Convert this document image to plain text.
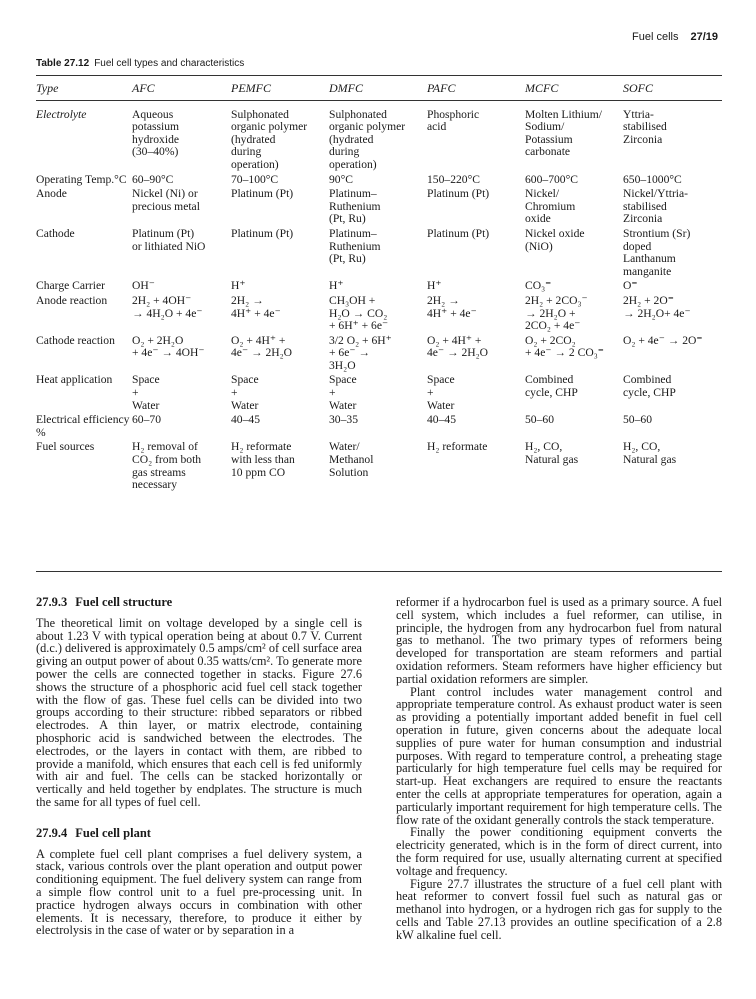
Fuel cells 27/19
Table 27.12 Fuel cell types and characteristics
Type	AFC	PEMFC	DMFC	PAFC	MCFC	SOFC
Electrolyte	Aqueous
potassium
hydroxide
(30–40%)	Sulphonated
organic polymer
(hydrated
during
operation)	Sulphonated
organic polymer
(hydrated
during
operation)	Phosphoric
acid	Molten Lithium/
Sodium/
Potassium
carbonate	Yttria-
stabilised
Zirconia
Operating Temp.°C	60–90°C	70–100°C	90°C	150–220°C	600–700°C	650–1000°C
Anode	Nickel (Ni) or
precious metal	Platinum (Pt)	Platinum–
Ruthenium
(Pt, Ru)	Platinum (Pt)	Nickel/
Chromium
oxide	Nickel/Yttria-
stabilised
Zirconia
Cathode	Platinum (Pt)
or lithiated NiO	Platinum (Pt)	Platinum–
Ruthenium
(Pt, Ru)	Platinum (Pt)	Nickel oxide
(NiO)	Strontium (Sr)
doped
Lanthanum
manganite
Charge Carrier	OH⁻	H⁺	H⁺	H⁺	CO₃⁼	O⁼
Anode reaction	2H₂ + 4OH⁻
→ 4H₂O + 4e⁻	2H₂ →
4H⁺ + 4e⁻	CH₃OH +
H₂O → CO₂
+ 6H⁺ + 6e⁻	2H₂ →
4H⁺ + 4e⁻	2H₂ + 2CO₃⁻
→ 2H₂O +
2CO₂ + 4e⁻	2H₂ + 2O⁼
→ 2H₂O+ 4e⁻
Cathode reaction	O₂ + 2H₂O
+ 4e⁻ → 4OH⁻	O₂ + 4H⁺ +
4e⁻ → 2H₂O	3/2 O₂ + 6H⁺
+ 6e⁻ →
3H₂O	O₂ + 4H⁺ +
4e⁻ → 2H₂O	O₂ + 2CO₂
+ 4e⁻ → 2 CO₃⁼	O₂ + 4e⁻ → 2O⁼
Heat application	Space
+
Water	Space
+
Water	Space
+
Water	Space
+
Water	Combined
cycle, CHP	Combined
cycle, CHP
Electrical efficiency %	60–70	40–45	30–35	40–45	50–60	50–60
Fuel sources	H₂ removal of
CO₂ from both
gas streams
necessary	H₂ reformate
with less than
10 ppm CO	Water/
Methanol
Solution	H₂ reformate	H₂, CO,
Natural gas	H₂, CO,
Natural gas
27.9.3 Fuel cell structure

The theoretical limit on voltage developed by a single cell is about 1.23 V with typical operation being at about 0.7 V. Current (d.c.) delivered is approximately 0.5 amps/cm² of cell surface area giving an output power of about 0.35 watts/cm². To generate more power the cells are connected together in stacks. Figure 27.6 shows the structure of a phosphoric acid fuel cell stack together with the flow of gas. These fuel cells can be divided into two groups according to their structure: ribbed separators or ribbed electrodes. A thin layer, or matrix electrode, containing phosphoric acid is sandwiched between the electrodes. The electrodes, or the layers in contact with them, are ribbed to provide a manifold, which ensures that each cell is fed uniformly with air and fuel. The cells can be stacked horizontally or vertically and held together by endplates. The structure is much the same for all types of fuel cell.

27.9.4 Fuel cell plant

A complete fuel cell plant comprises a fuel delivery system, a stack, various controls over the plant operation and output power conditioning equipment. The fuel delivery system can range from a simple flow control unit to a fuel pre-processing unit. In practice hydrogen always occurs in combination with other elements. It is necessary, therefore, to produce it either by electrolysis in the case of water or by separation in a

reformer if a hydrocarbon fuel is used as a primary source. A fuel cell system, which includes a fuel reformer, can utilise, in principle, the hydrogen from any hydrocarbon fuel from natural gas to methanol. The two primary types of reformers being developed for transportation are steam reformers and partial oxidation reformers. Steam reformers have higher efficiency but partial oxidation reformers are simpler.

Plant control includes water management control and appropriate temperature control. As exhaust product water is seen as providing a potentially important added benefit in fuel cell operation in future, given concerns about the adequate local supplies of pure water for human consumption and industrial purposes. With regard to temperature control, a preheating stage particularly for high temperature fuel cells may be required for start-up. Heat exchangers are required to ensure the reactants enter the cells at appropriate temperatures for operation, again a particularly important requirement for high temperature cells. The flow rate of the oxidant generally controls the stack temperature.

Finally the power conditioning equipment converts the electricity generated, which is in the form of direct current, into the form required for use, usually alternating current at specified voltage and frequency.

Figure 27.7 illustrates the structure of a fuel cell plant with heat reformer to convert fossil fuel such as natural gas or methanol into hydrogen, or a hydrogen rich gas for supply to the cells and Table 27.13 provides an outline specification of a 2.8 kW alkaline fuel cell.
